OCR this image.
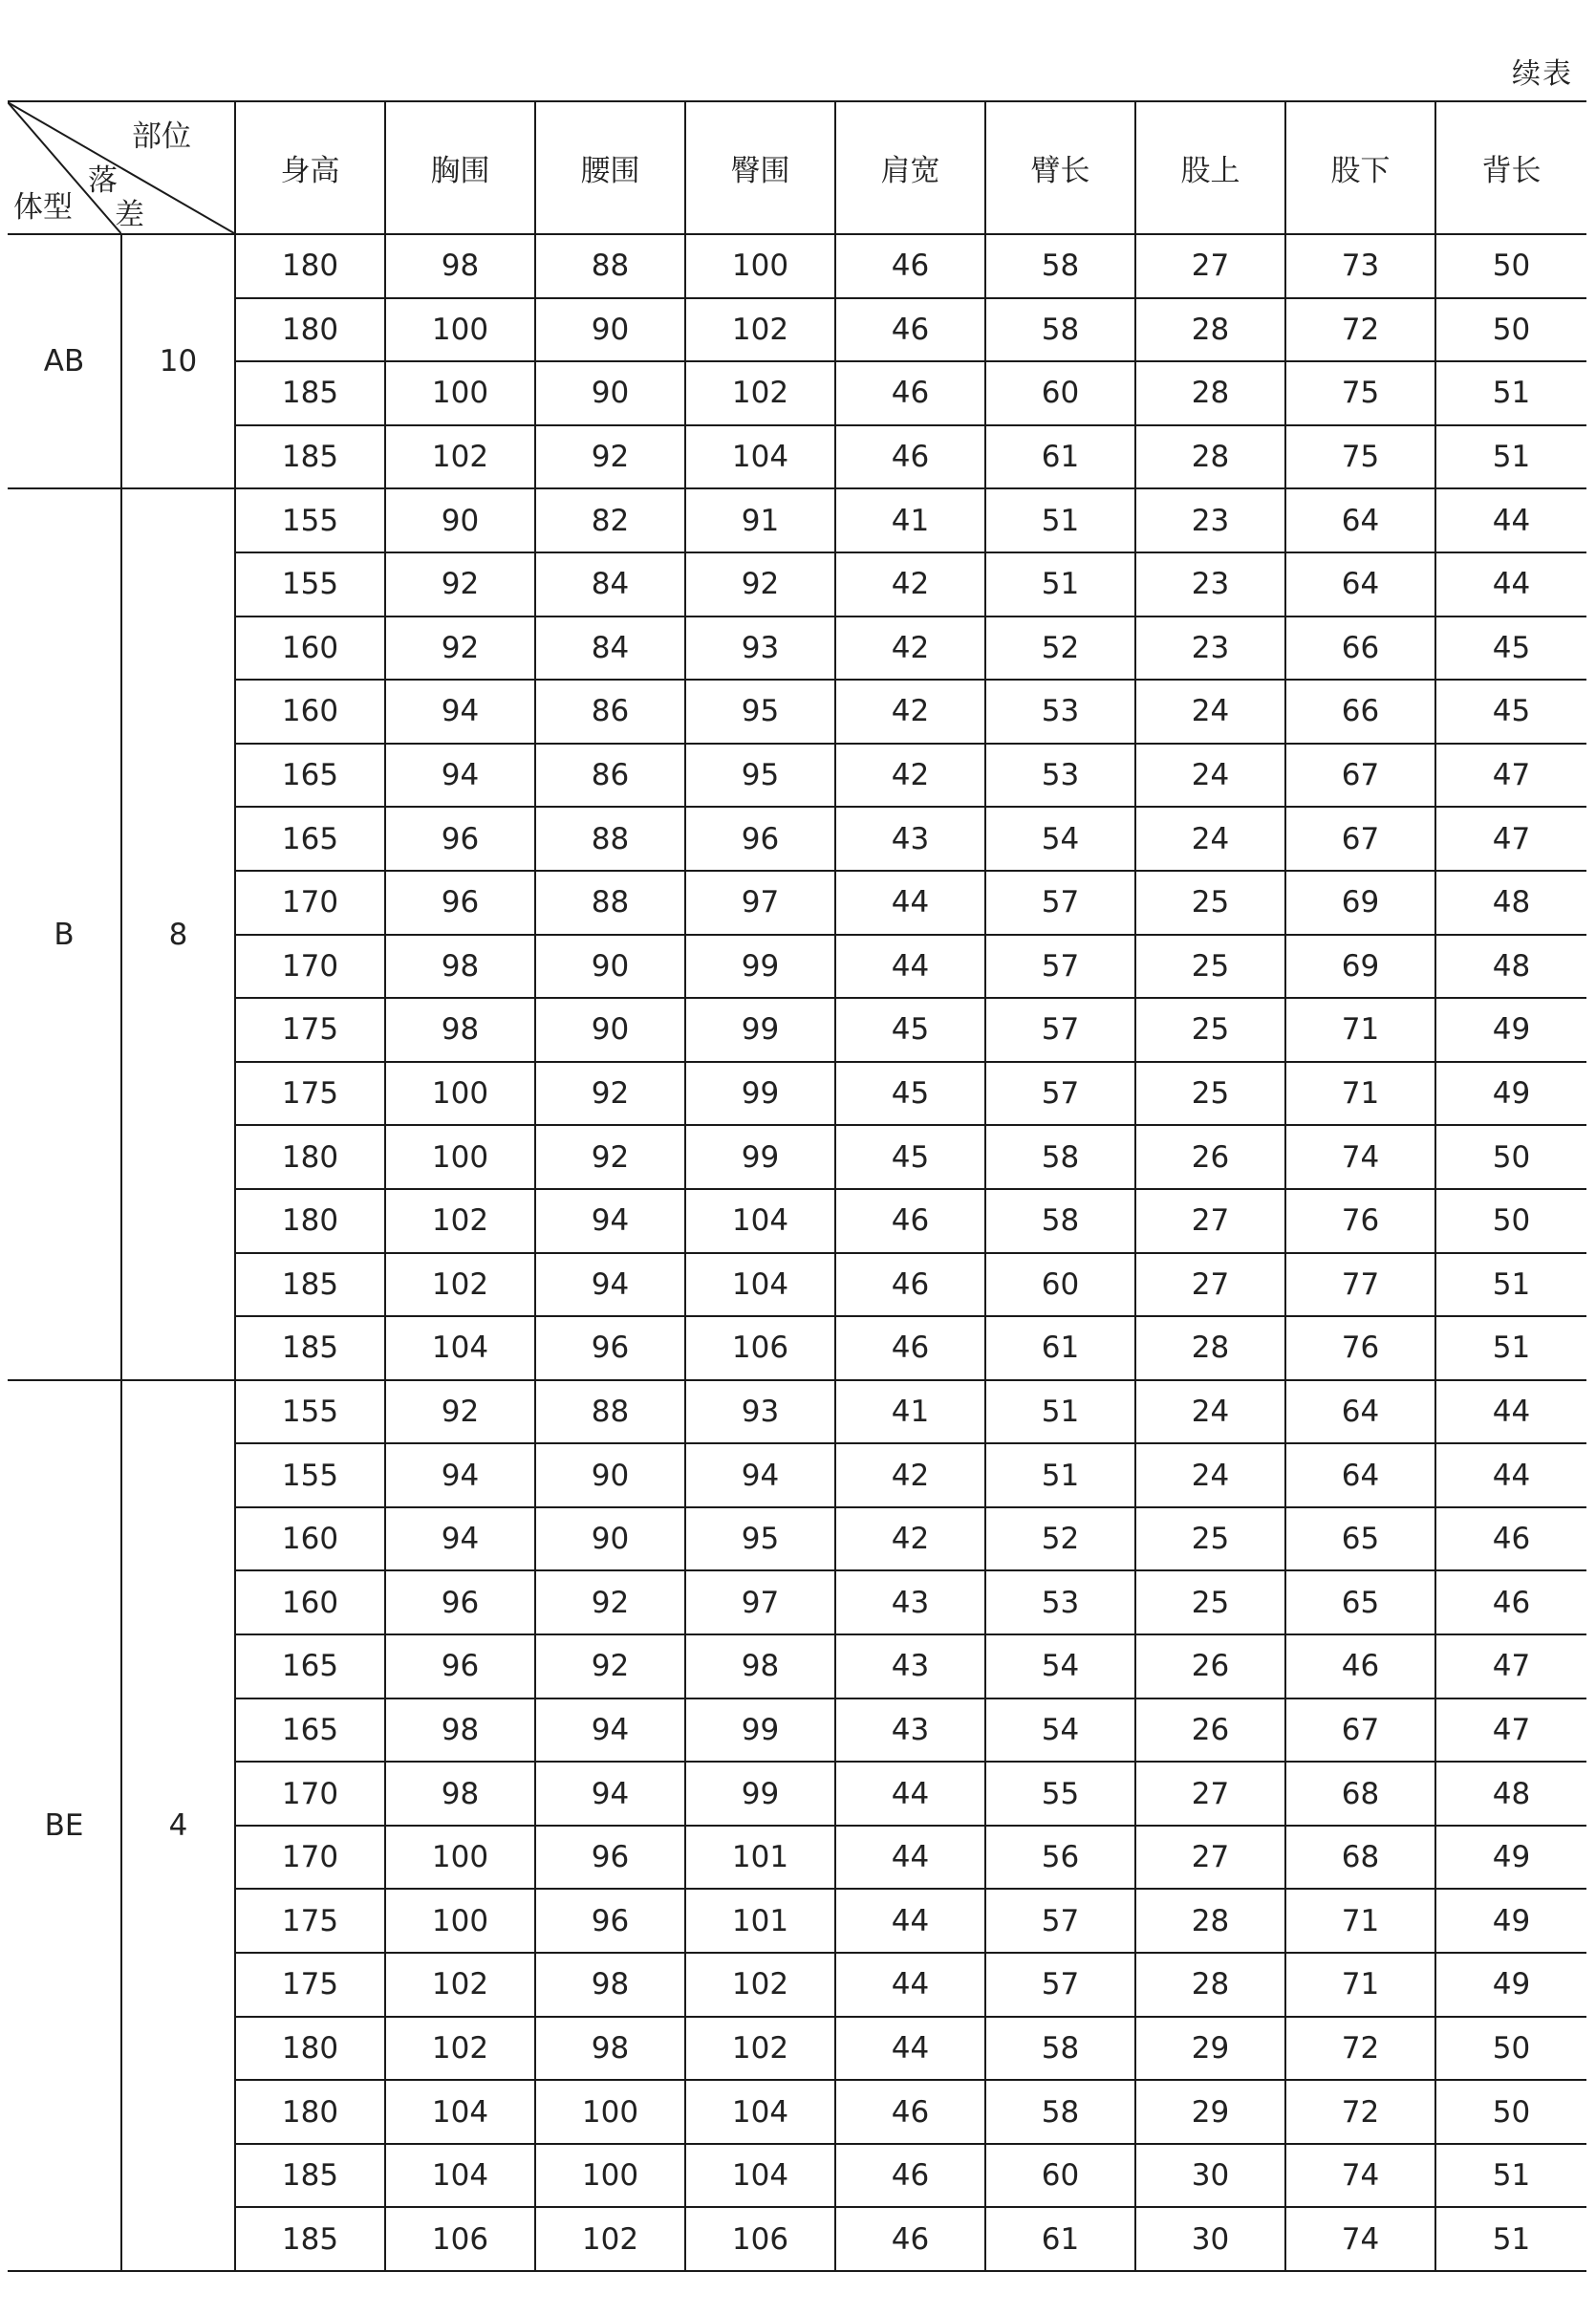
续表
部位
落
差
体型		身高	胸围	腰围	臀围	肩宽	臂长	股上	股下	背长
AB	10	180	98	88	100	46	58	27	73	50
		180	100	90	102	46	58	28	72	50
		185	100	90	102	46	60	28	75	51
		185	102	92	104	46	61	28	75	51
B	8	155	90	82	91	41	51	23	64	44
		155	92	84	92	42	51	23	64	44
		160	92	84	93	42	52	23	66	45
		160	94	86	95	42	53	24	66	45
		165	94	86	95	42	53	24	67	47
		165	96	88	96	43	54	24	67	47
		170	96	88	97	44	57	25	69	48
		170	98	90	99	44	57	25	69	48
		175	98	90	99	45	57	25	71	49
		175	100	92	99	45	57	25	71	49
		180	100	92	99	45	58	26	74	50
		180	102	94	104	46	58	27	76	50
		185	102	94	104	46	60	27	77	51
		185	104	96	106	46	61	28	76	51
BE	4	155	92	88	93	41	51	24	64	44
		155	94	90	94	42	51	24	64	44
		160	94	90	95	42	52	25	65	46
		160	96	92	97	43	53	25	65	46
		165	96	92	98	43	54	26	46	47
		165	98	94	99	43	54	26	67	47
		170	98	94	99	44	55	27	68	48
		170	100	96	101	44	56	27	68	49
		175	100	96	101	44	57	28	71	49
		175	102	98	102	44	57	28	71	49
		180	102	98	102	44	58	29	72	50
		180	104	100	104	46	58	29	72	50
		185	104	100	104	46	60	30	74	51
		185	106	102	106	46	61	30	74	51
